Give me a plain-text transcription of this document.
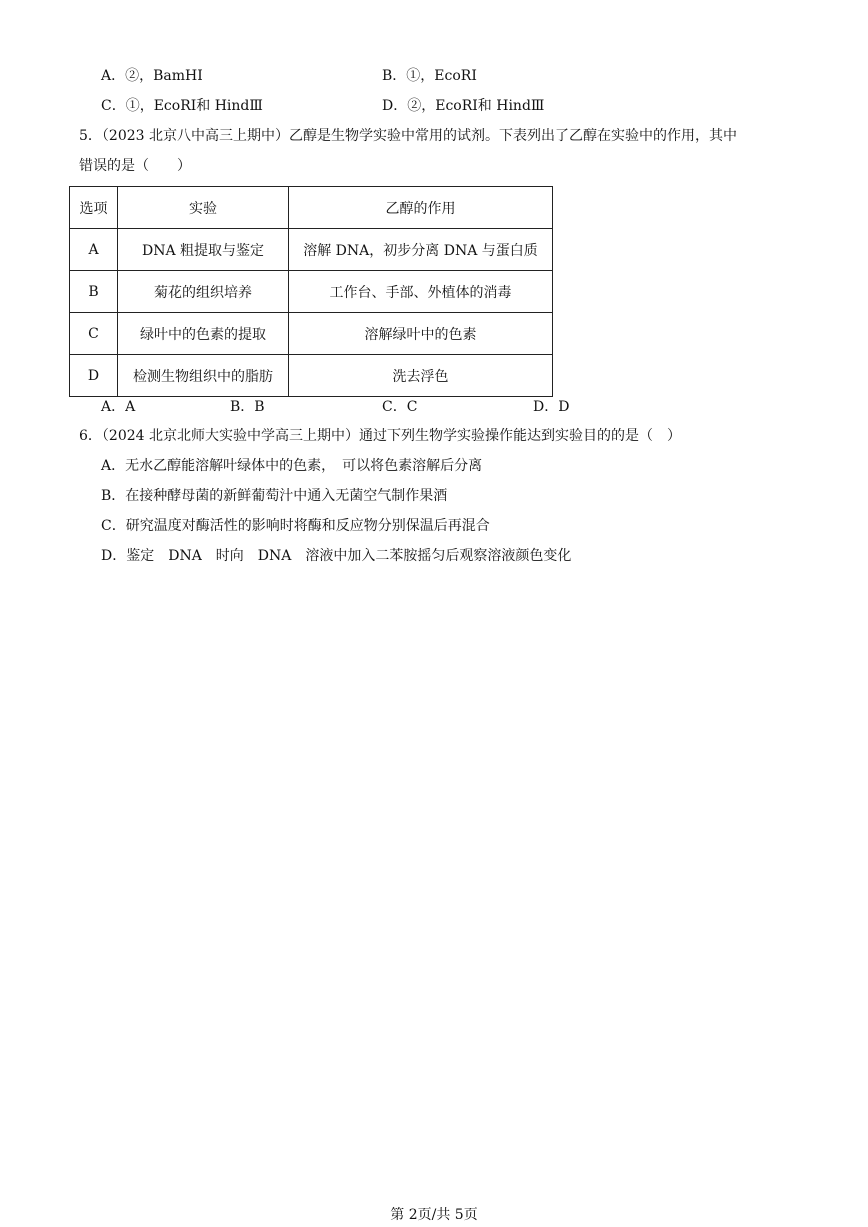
A．②，BamHⅠ	B．①，EcoRⅠ
C．①，EcoRⅠ和 HindⅢ	D．②，EcoRⅠ和 HindⅢ
5．（2023 北京八中高三上期中）乙醇是生物学实验中常用的试剂。下表列出了乙醇在实验中的作用，其中
错误的是（　　）
选项	实验	乙醇的作用
A	DNA 粗提取与鉴定	溶解 DNA，初步分离 DNA 与蛋白质
B	菊花的组织培养	工作台、手部、外植体的消毒
C	绿叶中的色素的提取	溶解绿叶中的色素
D	检测生物组织中的脂肪	洗去浮色
A．A	B．B	C．C	D．D
6．（2024 北京北师大实验中学高三上期中）通过下列生物学实验操作能达到实验目的的是（　）
A．无水乙醇能溶解叶绿体中的色素，　可以将色素溶解后分离
B．在接种酵母菌的新鲜葡萄汁中通入无菌空气制作果酒
C．研究温度对酶活性的影响时将酶和反应物分别保温后再混合
D．鉴定　DNA　时向　DNA　溶液中加入二苯胺摇匀后观察溶液颜色变化
第 2页/共 5页
